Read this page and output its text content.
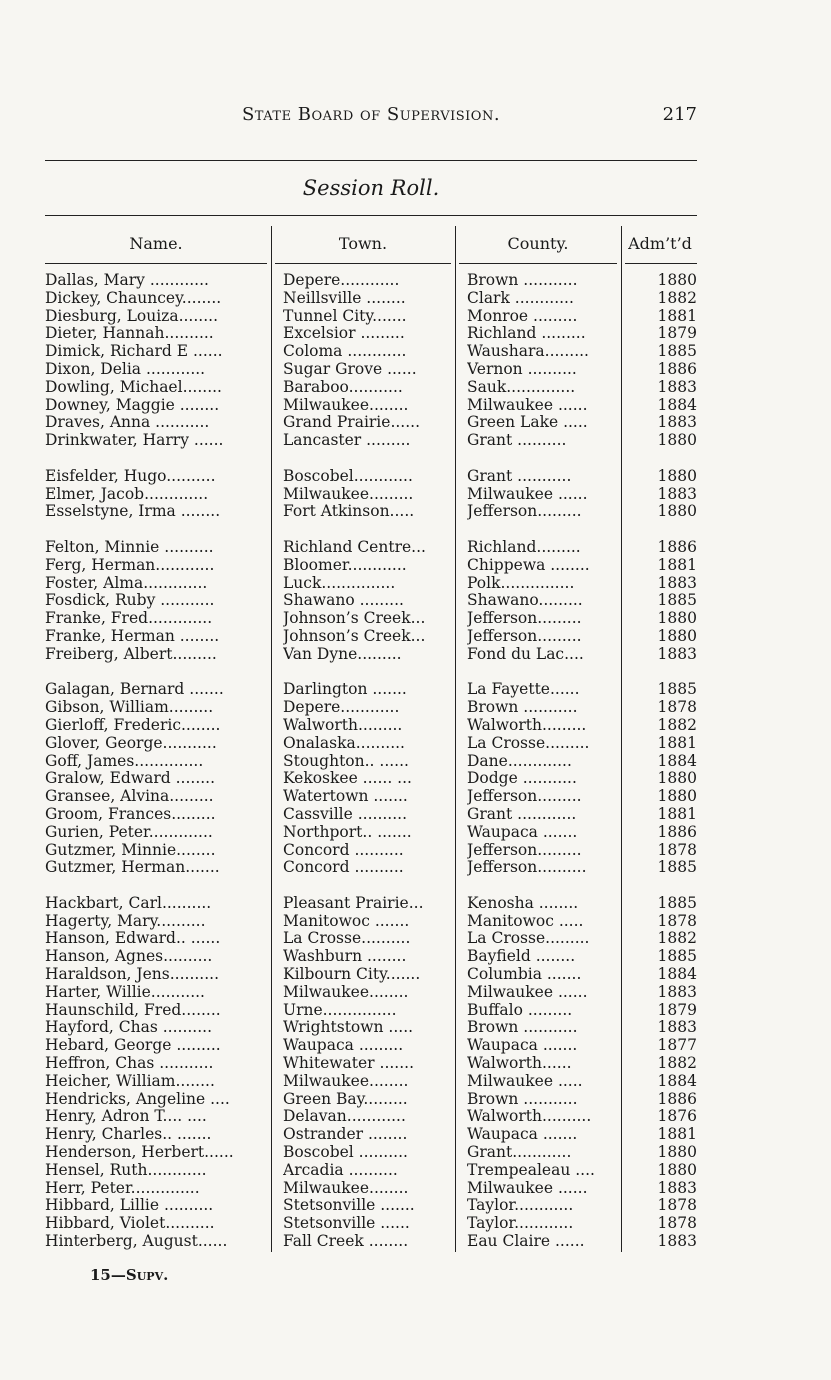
State Board of Supervision.	217
Session Roll.
Name.	Town.	County.	Adm’t’d
Dallas, Mary ............	Depere............	Brown ...........	1880
Dickey, Chauncey........	Neillsville ........	Clark ............	1882
Diesburg, Louiza........	Tunnel City.......	Monroe .........	1881
Dieter, Hannah..........	Excelsior .........	Richland .........	1879
Dimick, Richard E ......	Coloma ............	Waushara.........	1885
Dixon, Delia ............	Sugar Grove ......	Vernon ..........	1886
Dowling, Michael........	Baraboo...........	Sauk..............	1883
Downey, Maggie ........	Milwaukee........	Milwaukee ......	1884
Draves, Anna ...........	Grand Prairie......	Green Lake .....	1883
Drinkwater, Harry ......	Lancaster .........	Grant ..........	1880
Eisfelder, Hugo..........	Boscobel............	Grant ...........	1880
Elmer, Jacob.............	Milwaukee.........	Milwaukee ......	1883
Esselstyne, Irma ........	Fort Atkinson.....	Jefferson.........	1880
Felton, Minnie ..........	Richland Centre...	Richland.........	1886
Ferg, Herman............	Bloomer............	Chippewa ........	1881
Foster, Alma.............	Luck...............	Polk...............	1883
Fosdick, Ruby ...........	Shawano .........	Shawano.........	1885
Franke, Fred.............	Johnson’s Creek...	Jefferson.........	1880
Franke, Herman ........	Johnson’s Creek...	Jefferson.........	1880
Freiberg, Albert.........	Van Dyne.........	Fond du Lac....	1883
Galagan, Bernard .......	Darlington .......	La Fayette......	1885
Gibson, William.........	Depere............	Brown ...........	1878
Gierloff, Frederic........	Walworth.........	Walworth.........	1882
Glover, George...........	Onalaska..........	La Crosse.........	1881
Goff, James..............	Stoughton.. ......	Dane.............	1884
Gralow, Edward ........	Kekoskee ...... ...	Dodge ...........	1880
Gransee, Alvina.........	Watertown .......	Jefferson.........	1880
Groom, Frances.........	Cassville ..........	Grant ............	1881
Gurien, Peter.............	Northport.. .......	Waupaca .......	1886
Gutzmer, Minnie........	Concord ..........	Jefferson.........	1878
Gutzmer, Herman.......	Concord ..........	Jefferson..........	1885
Hackbart, Carl..........	Pleasant Prairie...	Kenosha ........	1885
Hagerty, Mary..........	Manitowoc .......	Manitowoc .....	1878
Hanson, Edward.. ......	La Crosse..........	La Crosse.........	1882
Hanson, Agnes..........	Washburn ........	Bayfield ........	1885
Haraldson, Jens..........	Kilbourn City.......	Columbia .......	1884
Harter, Willie...........	Milwaukee........	Milwaukee ......	1883
Haunschild, Fred........	Urne...............	Buffalo .........	1879
Hayford, Chas ..........	Wrightstown .....	Brown ...........	1883
Hebard, George .........	Waupaca .........	Waupaca .......	1877
Heffron, Chas ...........	Whitewater .......	Walworth......	1882
Heicher, William........	Milwaukee........	Milwaukee .....	1884
Hendricks, Angeline ....	Green Bay.........	Brown ...........	1886
Henry, Adron T.... ....	Delavan............	Walworth..........	1876
Henry, Charles.. .......	Ostrander ........	Waupaca .......	1881
Henderson, Herbert......	Boscobel ..........	Grant............	1880
Hensel, Ruth............	Arcadia ..........	Trempealeau ....	1880
Herr, Peter..............	Milwaukee........	Milwaukee ......	1883
Hibbard, Lillie ..........	Stetsonville .......	Taylor............	1878
Hibbard, Violet..........	Stetsonville ......	Taylor............	1878
Hinterberg, August......	Fall Creek ........	Eau Claire ......	1883
15—Supv.
